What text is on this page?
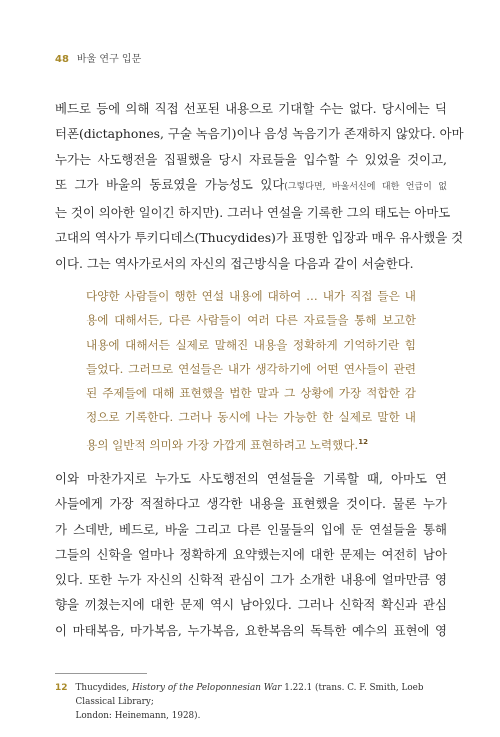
48 바울 연구 입문
베드로 등에 의해 직접 선포된 내용으로 기대할 수는 없다. 당시에는 딕
터폰(dictaphones, 구술 녹음기)이나 음성 녹음기가 존재하지 않았다. 아마
누가는 사도행전을 집필했을 당시 자료들을 입수할 수 있었을 것이고,
또 그가 바울의 동료였을 가능성도 있다(그렇다면, 바울서신에 대한 언급이 없
는 것이 의아한 일이긴 하지만). 그러나 연설을 기록한 그의 태도는 아마도
고대의 역사가 투키디데스(Thucydides)가 표명한 입장과 매우 유사했을 것
이다. 그는 역사가로서의 자신의 접근방식을 다음과 같이 서술한다.
다양한 사람들이 행한 연설 내용에 대하여 … 내가 직접 들은 내
용에 대해서든, 다른 사람들이 여러 다른 자료들을 통해 보고한
내용에 대해서든 실제로 말해진 내용을 정확하게 기억하기란 힘
들었다. 그러므로 연설들은 내가 생각하기에 어떤 연사들이 관련
된 주제들에 대해 표현했을 법한 말과 그 상황에 가장 적합한 감
정으로 기록한다. 그러나 동시에 나는 가능한 한 실제로 말한 내
용의 일반적 의미와 가장 가깝게 표현하려고 노력했다.$^{12}$
이와 마찬가지로 누가도 사도행전의 연설들을 기록할 때, 아마도 연
사들에게 가장 적절하다고 생각한 내용을 표현했을 것이다. 물론 누가
가 스데반, 베드로, 바울 그리고 다른 인물들의 입에 둔 연설들을 통해
그들의 신학을 얼마나 정확하게 요약했는지에 대한 문제는 여전히 남아
있다. 또한 누가 자신의 신학적 관심이 그가 소개한 내용에 얼마만큼 영
향을 끼쳤는지에 대한 문제 역시 남아있다. 그러나 신학적 확신과 관심
이 마태복음, 마가복음, 누가복음, 요한복음의 독특한 예수의 표현에 영
12 Thucydides, History of the Peloponnesian War 1.22.1 (trans. C. F. Smith, Loeb Classical Library;
London: Heinemann, 1928).
